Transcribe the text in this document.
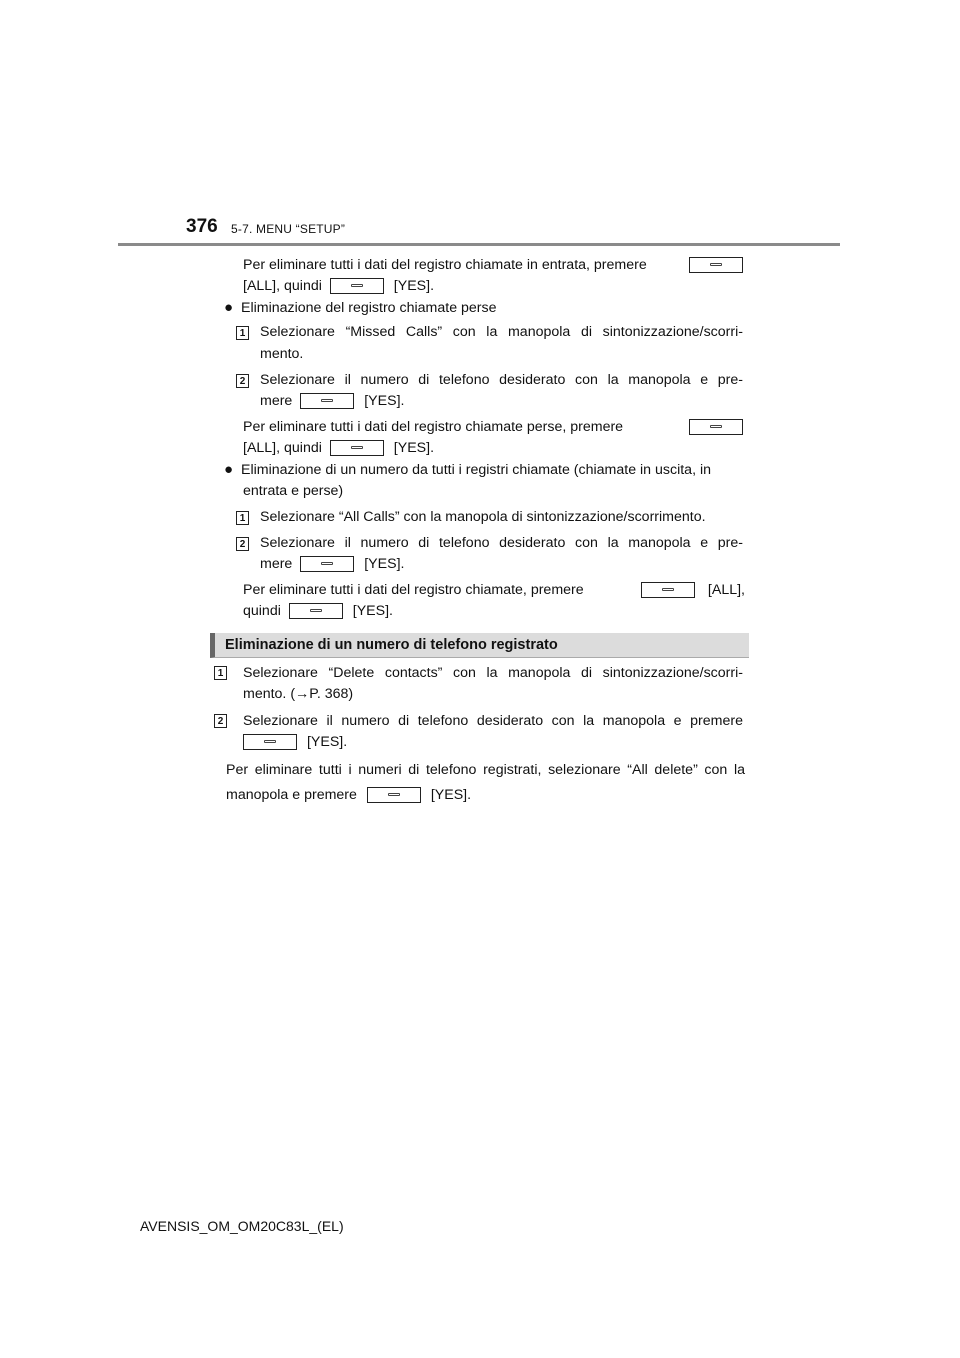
376 5-7. MENU “SETUP”
Per eliminare tutti i dati del registro chiamate in entrata, premere
[ALL], quindi	[YES].
● Eliminazione del registro chiamate perse
1 Selezionare “Missed Calls” con la manopola di sintonizzazione/scorri-
mento.
2 Selezionare il numero di telefono desiderato con la manopola e pre-
mere	[YES].
Per eliminare tutti i dati del registro chiamate perse, premere
[ALL], quindi	[YES].
● Eliminazione di un numero da tutti i registri chiamate (chiamate in uscita, in
entrata e perse)
1 Selezionare “All Calls” con la manopola di sintonizzazione/scorrimento.
2 Selezionare il numero di telefono desiderato con la manopola e pre-
mere	[YES].
Per eliminare tutti i dati del registro chiamate, premere	[ALL],
quindi	[YES].
Eliminazione di un numero di telefono registrato
1 Selezionare “Delete contacts” con la manopola di sintonizzazione/scorri-
mento. (→P. 368)
2 Selezionare il numero di telefono desiderato con la manopola e premere
[YES].
Per eliminare tutti i numeri di telefono registrati, selezionare “All delete” con la
manopola e premere	[YES].
AVENSIS_OM_OM20C83L_(EL)
